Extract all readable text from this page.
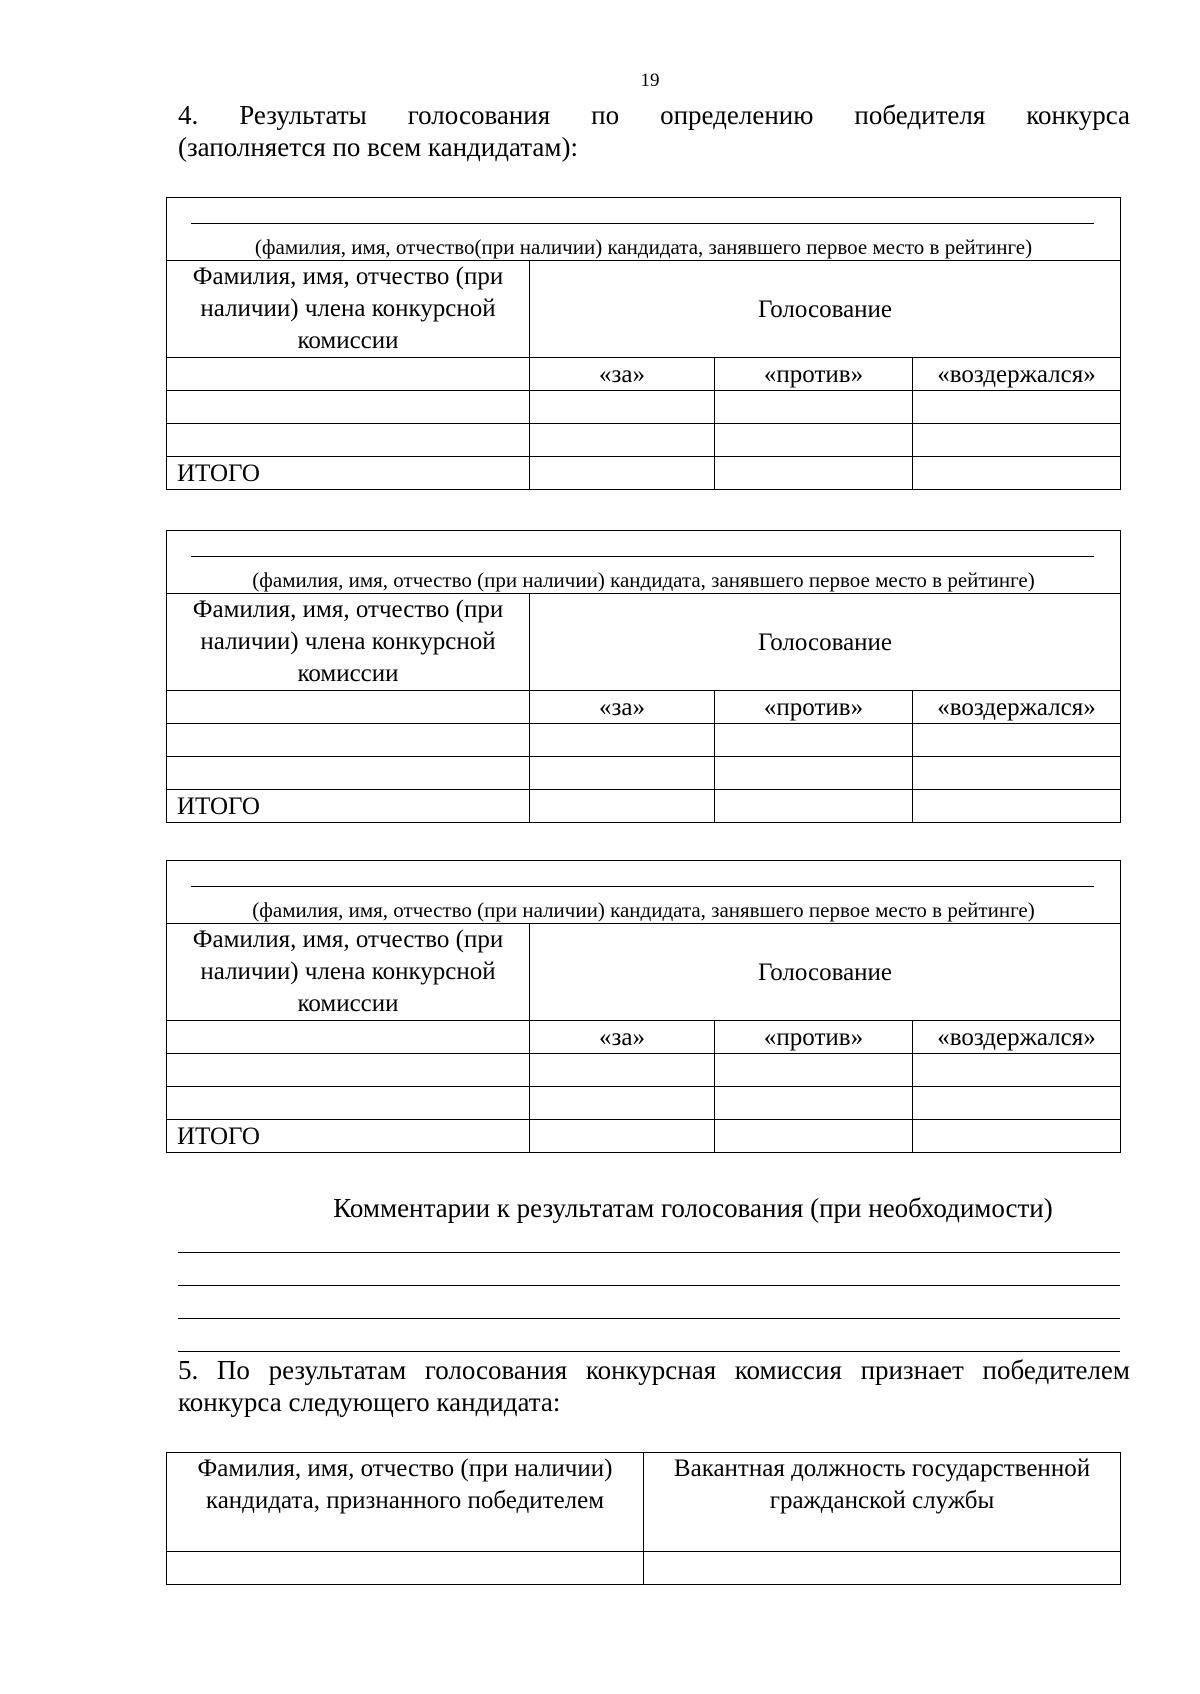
19
4. Результаты голосования по определению победителя конкурса
(заполняется по всем кандидатам):
(фамилия, имя, отчество(при наличии) кандидата, занявшего первое место в рейтинге)			

Фамилия, имя, отчество (при наличии) члена конкурсной комиссии	Голосование		
	«за»	«против»	«воздержался»

ИТОГО			
(фамилия, имя, отчество (при наличии) кандидата, занявшего первое место в рейтинге)			

Фамилия, имя, отчество (при наличии) члена конкурсной комиссии	Голосование		
	«за»	«против»	«воздержался»

ИТОГО			
(фамилия, имя, отчество (при наличии) кандидата, занявшего первое место в рейтинге)			

Фамилия, имя, отчество (при наличии) члена конкурсной комиссии	Голосование		
	«за»	«против»	«воздержался»

ИТОГО			
Комментарии к результатам голосования (при необходимости)
5. По результатам голосования конкурсная комиссия признает победителем
конкурса следующего кандидата:
Фамилия, имя, отчество (при наличии) кандидата, признанного победителем	Вакантная должность государственной гражданской службы
